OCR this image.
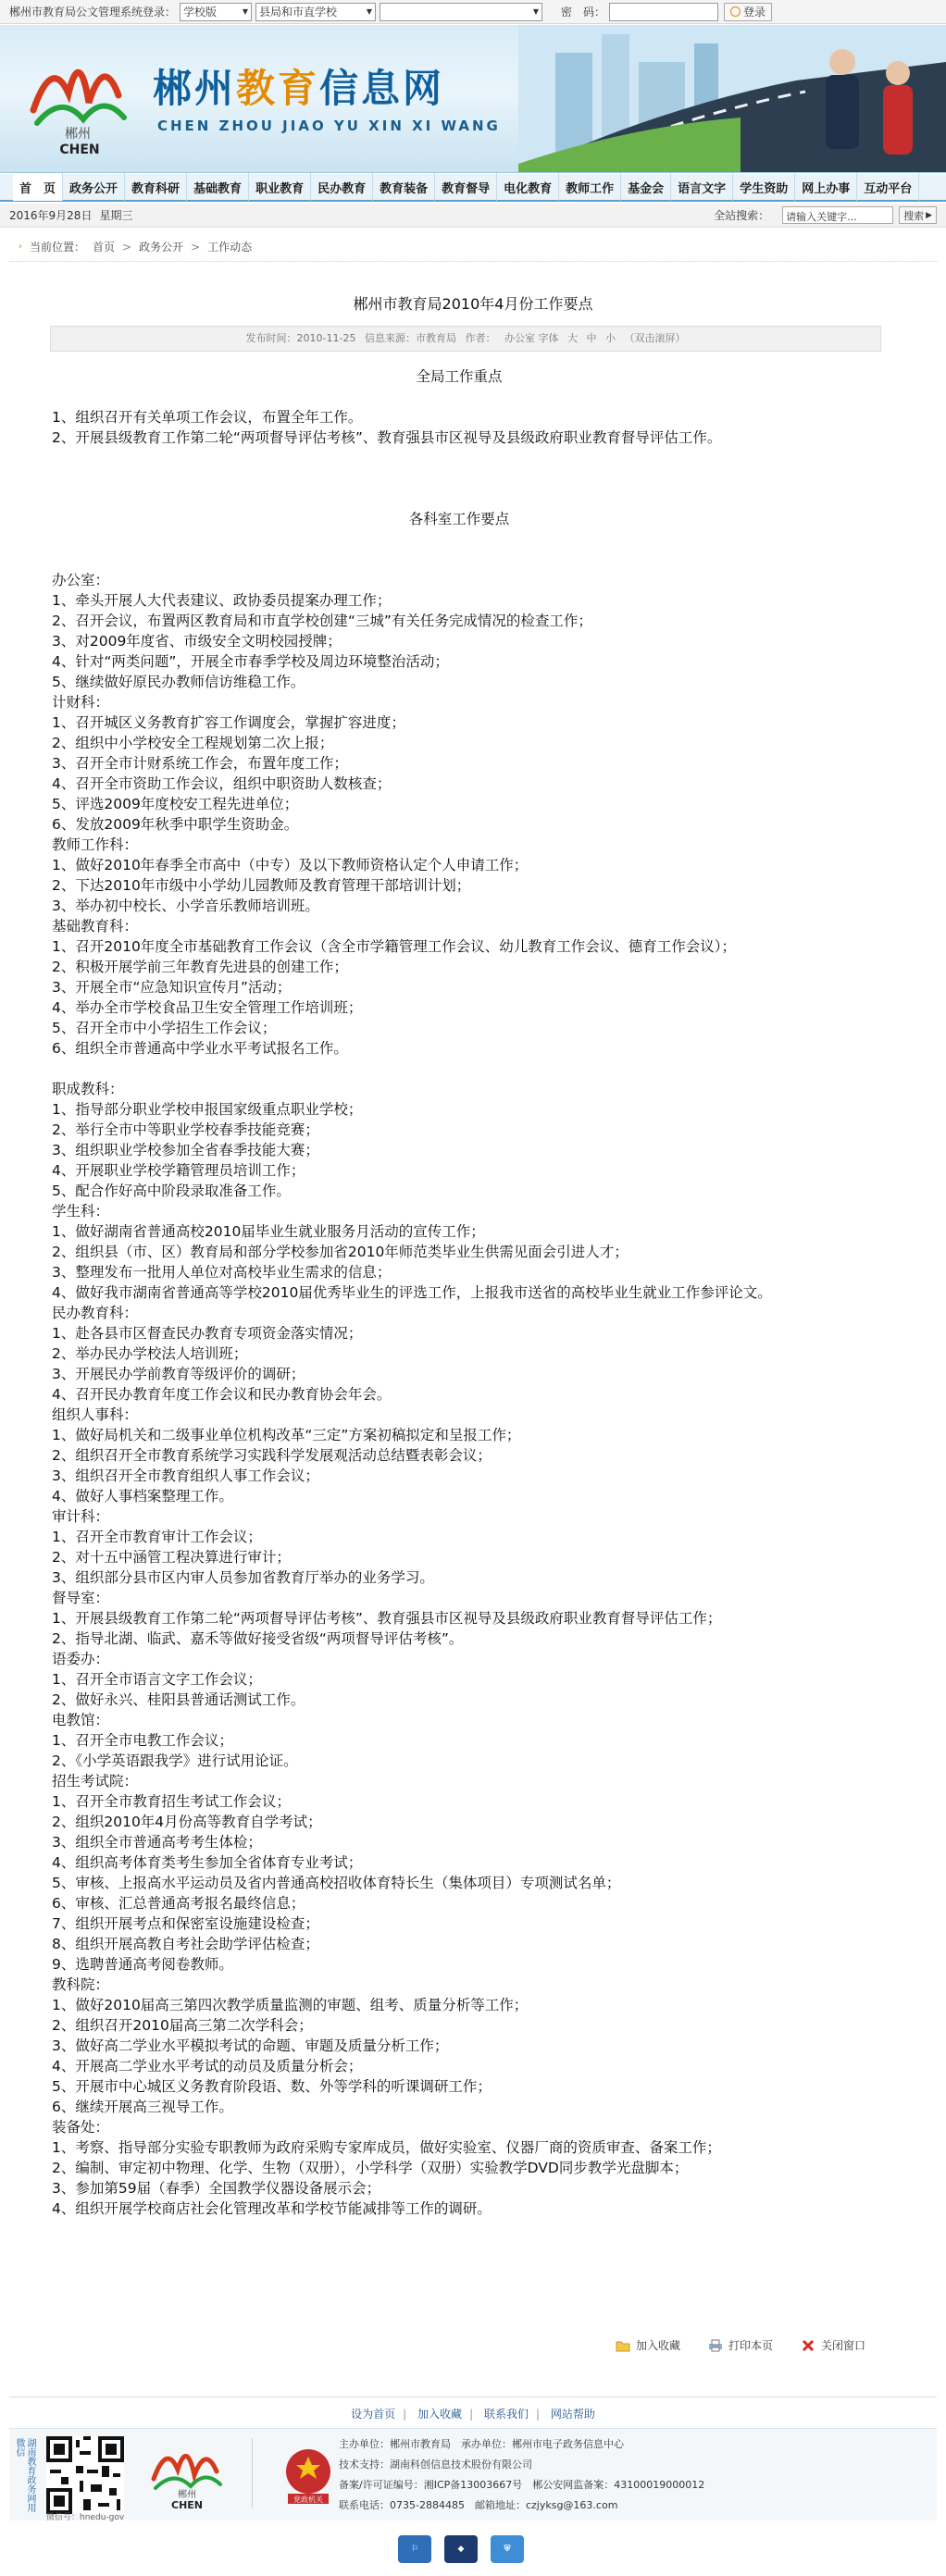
郴州市教育局公文管理系统登录： 学校版	▼ 县局和市直学校	▼	▼ 密　码：	登录
郴州
CHEN
郴州教育信息网
CHEN ZHOU JIAO YU XIN XI WANG
首　页	政务公开	教育科研	基础教育	职业教育	民办教育	教育装备	教育督导	电化教育	教师工作	基金会	语言文字	学生资助	网上办事	互动平台
2016年9月28日 星期三	全站搜索：	请输入关键字...	搜索 ▶
› 当前位置： 首页 > 政务公开 > 工作动态
郴州市教育局2010年4月份工作要点
发布时间：2010-11-25 信息来源：市教育局 作者： 办公室 字体 大 中 小 （双击滚屏）

全局工作重点

1、组织召开有关单项工作会议，布置全年工作。

2、开展县级教育工作第二轮“两项督导评估考核”、教育强县市区视导及县级政府职业教育督导评估工作。

各科室工作要点

办公室：

1、牵头开展人大代表建议、政协委员提案办理工作；

2、召开会议，布置两区教育局和市直学校创建“三城”有关任务完成情况的检查工作；

3、对2009年度省、市级安全文明校园授牌；

4、针对“两类问题”，开展全市春季学校及周边环境整治活动；

5、继续做好原民办教师信访维稳工作。

计财科：

1、召开城区义务教育扩容工作调度会，掌握扩容进度；

2、组织中小学校安全工程规划第二次上报；

3、召开全市计财系统工作会，布置年度工作；

4、召开全市资助工作会议，组织中职资助人数核查；

5、评选2009年度校安工程先进单位；

6、发放2009年秋季中职学生资助金。

教师工作科：

1、做好2010年春季全市高中（中专）及以下教师资格认定个人申请工作；

2、下达2010年市级中小学幼儿园教师及教育管理干部培训计划；

3、举办初中校长、小学音乐教师培训班。

基础教育科：

1、召开2010年度全市基础教育工作会议（含全市学籍管理工作会议、幼儿教育工作会议、德育工作会议）；

2、积极开展学前三年教育先进县的创建工作；

3、开展全市“应急知识宣传月”活动；

4、举办全市学校食品卫生安全管理工作培训班；

5、召开全市中小学招生工作会议；

6、组织全市普通高中学业水平考试报名工作。

职成教科：

1、指导部分职业学校申报国家级重点职业学校；

2、举行全市中等职业学校春季技能竞赛；

3、组织职业学校参加全省春季技能大赛；

4、开展职业学校学籍管理员培训工作；

5、配合作好高中阶段录取准备工作。

学生科：

1、做好湖南省普通高校2010届毕业生就业服务月活动的宣传工作；

2、组织县（市、区）教育局和部分学校参加省2010年师范类毕业生供需见面会引进人才；

3、整理发布一批用人单位对高校毕业生需求的信息；

4、做好我市湖南省普通高等学校2010届优秀毕业生的评选工作，上报我市送省的高校毕业生就业工作参评论文。

民办教育科：

1、赴各县市区督查民办教育专项资金落实情况；

2、举办民办学校法人培训班；

3、开展民办学前教育等级评价的调研；

4、召开民办教育年度工作会议和民办教育协会年会。

组织人事科：

1、做好局机关和二级事业单位机构改革“三定”方案初稿拟定和呈报工作；

2、组织召开全市教育系统学习实践科学发展观活动总结暨表彰会议；

3、组织召开全市教育组织人事工作会议；

4、做好人事档案整理工作。

审计科：

1、召开全市教育审计工作会议；

2、对十五中涵管工程决算进行审计；

3、组织部分县市区内审人员参加省教育厅举办的业务学习。

督导室：

1、开展县级教育工作第二轮“两项督导评估考核”、教育强县市区视导及县级政府职业教育督导评估工作；

2、指导北湖、临武、嘉禾等做好接受省级“两项督导评估考核”。

语委办：

1、召开全市语言文字工作会议；

2、做好永兴、桂阳县普通话测试工作。

电教馆：

1、召开全市电教工作会议；

2、《小学英语跟我学》进行试用论证。

招生考试院：

1、召开全市教育招生考试工作会议；

2、组织2010年4月份高等教育自学考试；

3、组织全市普通高考考生体检；

4、组织高考体育类考生参加全省体育专业考试；

5、审核、上报高水平运动员及省内普通高校招收体育特长生（集体项目）专项测试名单；

6、审核、汇总普通高考报名最终信息；

7、组织开展考点和保密室设施建设检查；

8、组织开展高教自考社会助学评估检查；

9、选聘普通高考阅卷教师。

教科院：

1、做好2010届高三第四次教学质量监测的审题、组考、质量分析等工作；

2、组织召开2010届高三第二次学科会；

3、做好高二学业水平模拟考试的命题、审题及质量分析工作；

4、开展高二学业水平考试的动员及质量分析会；

5、开展市中心城区义务教育阶段语、数、外等学科的听课调研工作；

6、继续开展高三视导工作。

装备处：

1、考察、指导部分实验专职教师为政府采购专家库成员，做好实验室、仪器厂商的资质审查、备案工作；

2、编制、审定初中物理、化学、生物（双册），小学科学（双册）实验教学DVD同步教学光盘脚本；

3、参加第59届（春季）全国教学仪器设备展示会；

4、组织开展学校商店社会化管理改革和学校节能减排等工作的调研。

加入收藏	打印本页	关闭窗口
设为首页 | 加入收藏 | 联系我们 | 网站帮助
湖南教育政务网用微信
微信号：hnedu-gov
郴州
CHEN	党政机关
主办单位：郴州市教育局　承办单位：郴州市电子政务信息中心
技术支持：湖南科创信息技术股份有限公司
备案/许可证编号：湘ICP备13003667号　郴公安网监备案：43100019000012
联系电话：0735-2884485　邮箱地址：czjyksg@163.com
⚐	◆	⛨
